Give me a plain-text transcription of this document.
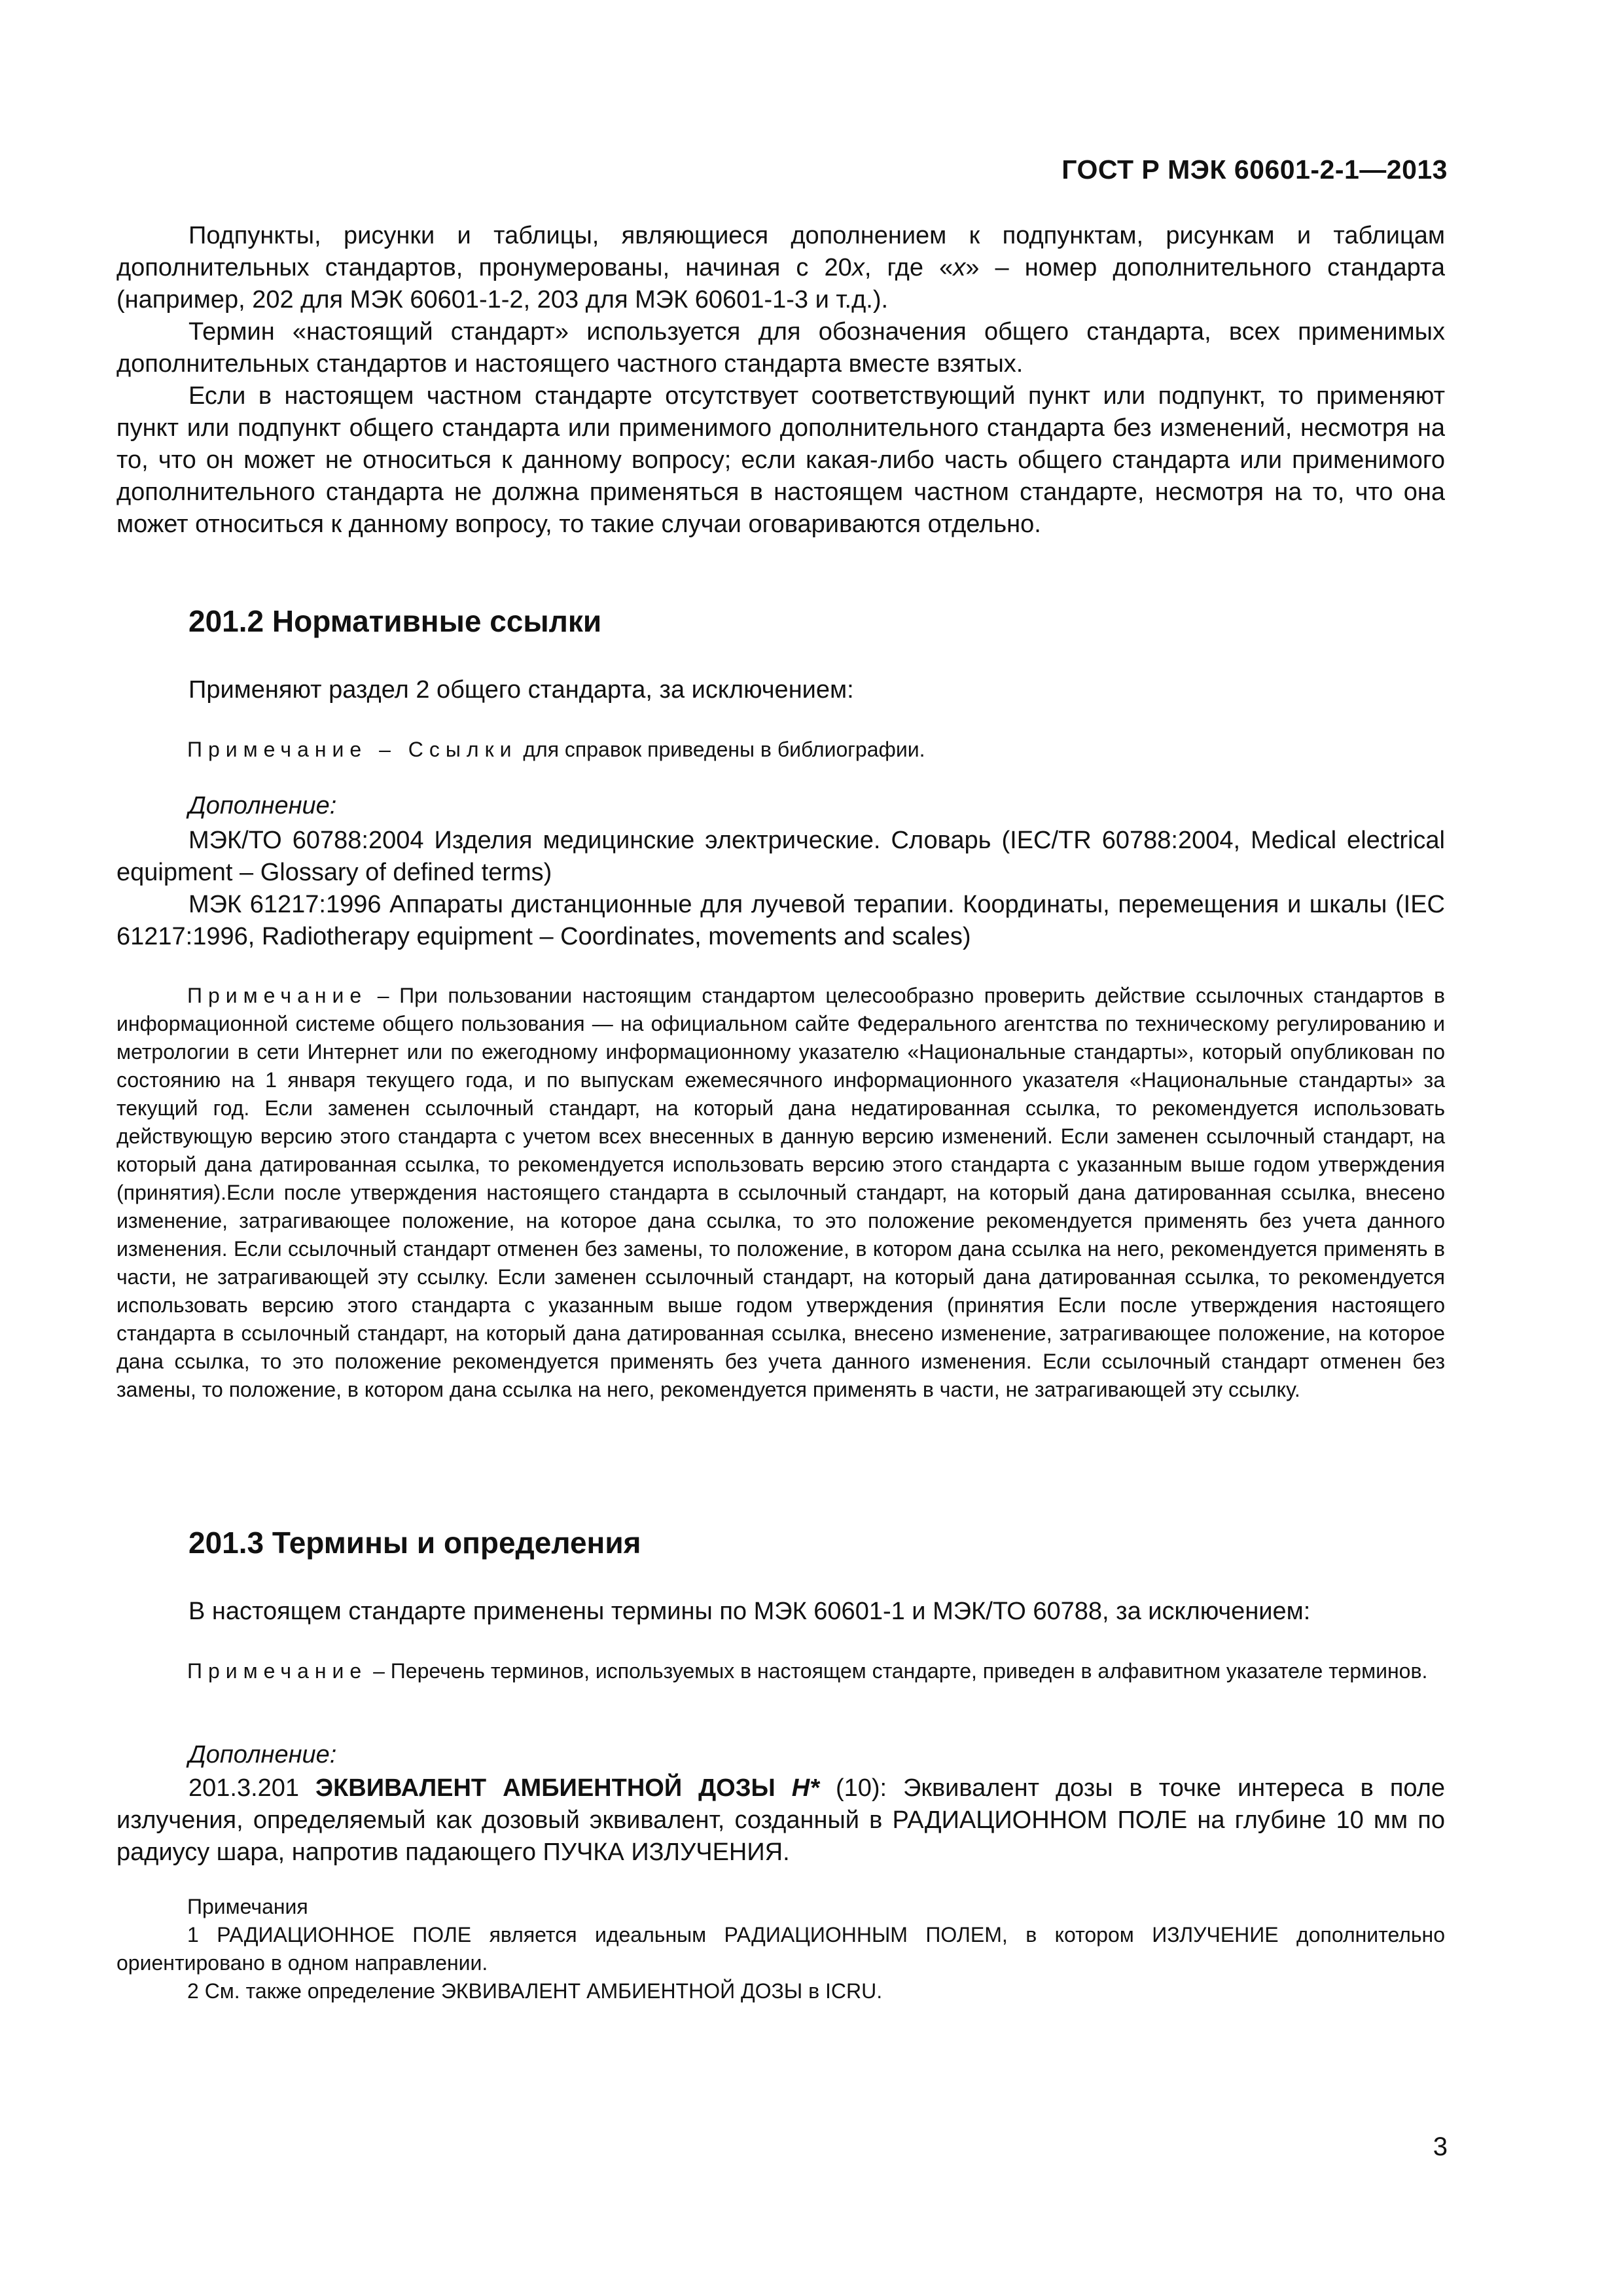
ГОСТ Р МЭК 60601-2-1—2013

Подпункты, рисунки и таблицы, являющиеся дополнением к подпунктам, рисункам и таблицам дополнительных стандартов, пронумерованы, начиная с 20x, где «x» – номер дополнительного стандарта (например, 202 для МЭК 60601-1-2, 203 для МЭК 60601-1-3 и т.д.).

Термин «настоящий стандарт» используется для обозначения общего стандарта, всех применимых дополнительных стандартов и настоящего частного стандарта вместе взятых.

Если в настоящем частном стандарте отсутствует соответствующий пункт или подпункт, то применяют пункт или подпункт общего стандарта или применимого дополнительного стандарта без изменений, несмотря на то, что он может не относиться к данному вопросу; если какая-либо часть общего стандарта или применимого дополнительного стандарта не должна применяться в настоящем частном стандарте, несмотря на то, что она может относиться к данному вопросу, то такие случаи оговариваются отдельно.

201.2 Нормативные ссылки
Применяют раздел 2 общего стандарта, за исключением:

Примечание – Ссылки для справок приведены в библиографии.

Дополнение:

МЭК/ТО 60788:2004 Изделия медицинские электрические. Словарь (IEC/TR 60788:2004, Medical electrical equipment – Glossary of defined terms)

МЭК 61217:1996 Аппараты дистанционные для лучевой терапии. Координаты, перемещения и шкалы (IEC 61217:1996, Radiotherapy equipment – Coordinates, movements and scales)

Примечание – При пользовании настоящим стандартом целесообразно проверить действие ссылочных стандартов в информационной системе общего пользования — на официальном сайте Федерального агентства по техническому регулированию и метрологии в сети Интернет или по ежегодному информационному указателю «Национальные стандарты», который опубликован по состоянию на 1 января текущего года, и по выпускам ежемесячного информационного указателя «Национальные стандарты» за текущий год. Если заменен ссылочный стандарт, на который дана недатированная ссылка, то рекомендуется использовать действующую версию этого стандарта с учетом всех внесенных в данную версию изменений. Если заменен ссылочный стандарт, на который дана датированная ссылка, то рекомендуется использовать версию этого стандарта с указанным выше годом утверждения (принятия).Если после утверждения настоящего стандарта в ссылочный стандарт, на который дана датированная ссылка, внесено изменение, затрагивающее положение, на которое дана ссылка, то это положение рекомендуется применять без учета данного изменения. Если ссылочный стандарт отменен без замены, то положение, в котором дана ссылка на него, рекомендуется применять в части, не затрагивающей эту ссылку. Если заменен ссылочный стандарт, на который дана датированная ссылка, то рекомендуется использовать версию этого стандарта с указанным выше годом утверждения (принятия Если после утверждения настоящего стандарта в ссылочный стандарт, на который дана датированная ссылка, внесено изменение, затрагивающее положение, на которое дана ссылка, то это положение рекомендуется применять без учета данного изменения. Если ссылочный стандарт отменен без замены, то положение, в котором дана ссылка на него, рекомендуется применять в части, не затрагивающей эту ссылку.

201.3 Термины и определения
В настоящем стандарте применены термины по МЭК 60601-1 и МЭК/ТО 60788, за исключением:

Примечание – Перечень терминов, используемых в настоящем стандарте, приведен в алфавитном указателе терминов.

Дополнение:

201.3.201 ЭКВИВАЛЕНТ АМБИЕНТНОЙ ДОЗЫ H* (10): Эквивалент дозы в точке интереса в поле излучения, определяемый как дозовый эквивалент, созданный в РАДИАЦИОННОМ ПОЛЕ на глубине 10 мм по радиусу шара, напротив падающего ПУЧКА ИЗЛУЧЕНИЯ.

Примечания

1 РАДИАЦИОННОЕ ПОЛЕ является идеальным РАДИАЦИОННЫМ ПОЛЕМ, в котором ИЗЛУЧЕНИЕ дополнительно ориентировано в одном направлении.

2 См. также определение ЭКВИВАЛЕНТ АМБИЕНТНОЙ ДОЗЫ в ICRU.

3
